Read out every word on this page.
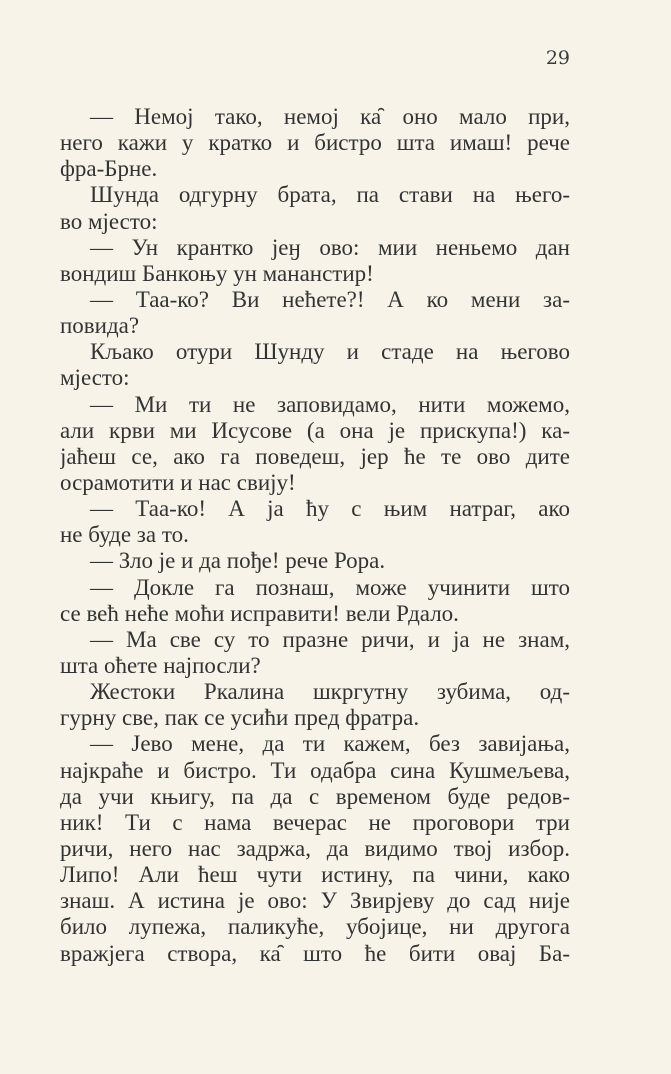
29
— Немој тако, немој ка̑ оно мало при,
него кажи у кратко и бистро шта имаш! рече
фра-Брне.
Шунда одгурну брата, па стави на њего-
во мјесто:
— Ун крантко јеӈ ово: мии неньемо дан
вондиш Банкоњу ун мананстир!
— Таа-ко? Ви нећете?! А ко мени за-
повида?
Кљако отури Шунду и стаде на његово
мјесто:
— Ми ти не заповидамо, нити можемо,
али крви ми Исусове (а она је прискупа!) ка-
јаћеш се, ако га поведеш, јер ће те ово дите
осрамотити и нас свију!
— Таа-ко! А ја ћу с њим натраг, ако
не буде за то.
— Зло је и да пође! рече Рора.
— Докле га познаш, може учинити што
се већ неће моћи исправити! вели Рдало.
— Ма све су то празне ричи, и ја не знам,
шта оћете најпосли?
Жестоки Ркалина шкргутну зубима, од-
гурну све, пак се усићи пред фратра.
— Јево мене, да ти кажем, без завијања,
најкраће и бистро. Ти одабра сина Кушмељева,
да учи књигу, па да с временом буде редов-
ник! Ти с нама вечерас не проговори три
ричи, него нас задржа, да видимо твој избор.
Липо! Али ћеш чути истину, па чини, како
знаш. А истина је ово: У Звирјеву до сад није
било лупежа, паликуће, убојице, ни другога
вражјега створа, ка̑ што ће бити овај Ба-
